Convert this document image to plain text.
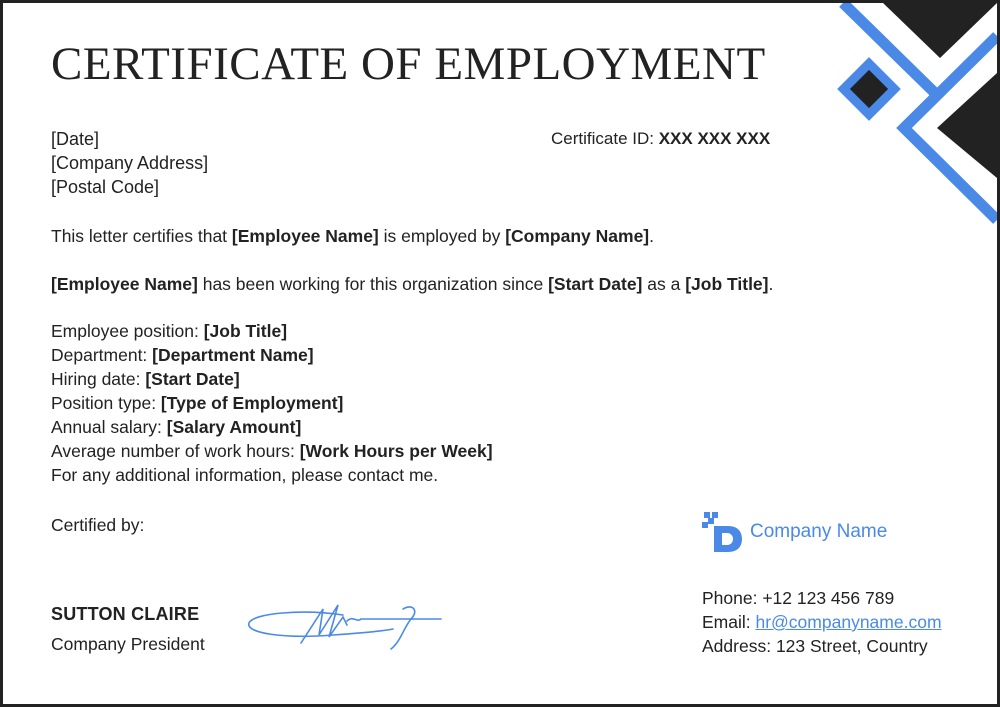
CERTIFICATE OF EMPLOYMENT
[Date]
[Company Address]
[Postal Code]
Certificate ID: XXX XXX XXX
This letter certifies that [Employee Name] is employed by [Company Name].
[Employee Name] has been working for this organization since [Start Date] as a [Job Title].
Employee position: [Job Title]
Department: [Department Name]
Hiring date: [Start Date]
Position type: [Type of Employment]
Annual salary: [Salary Amount]
Average number of work hours: [Work Hours per Week]
For any additional information, please contact me.
Certified by:
SUTTON CLAIRE
Company President
Company Name
Phone: +12 123 456 789
Email: hr@companyname.com
Address: 123 Street, Country
